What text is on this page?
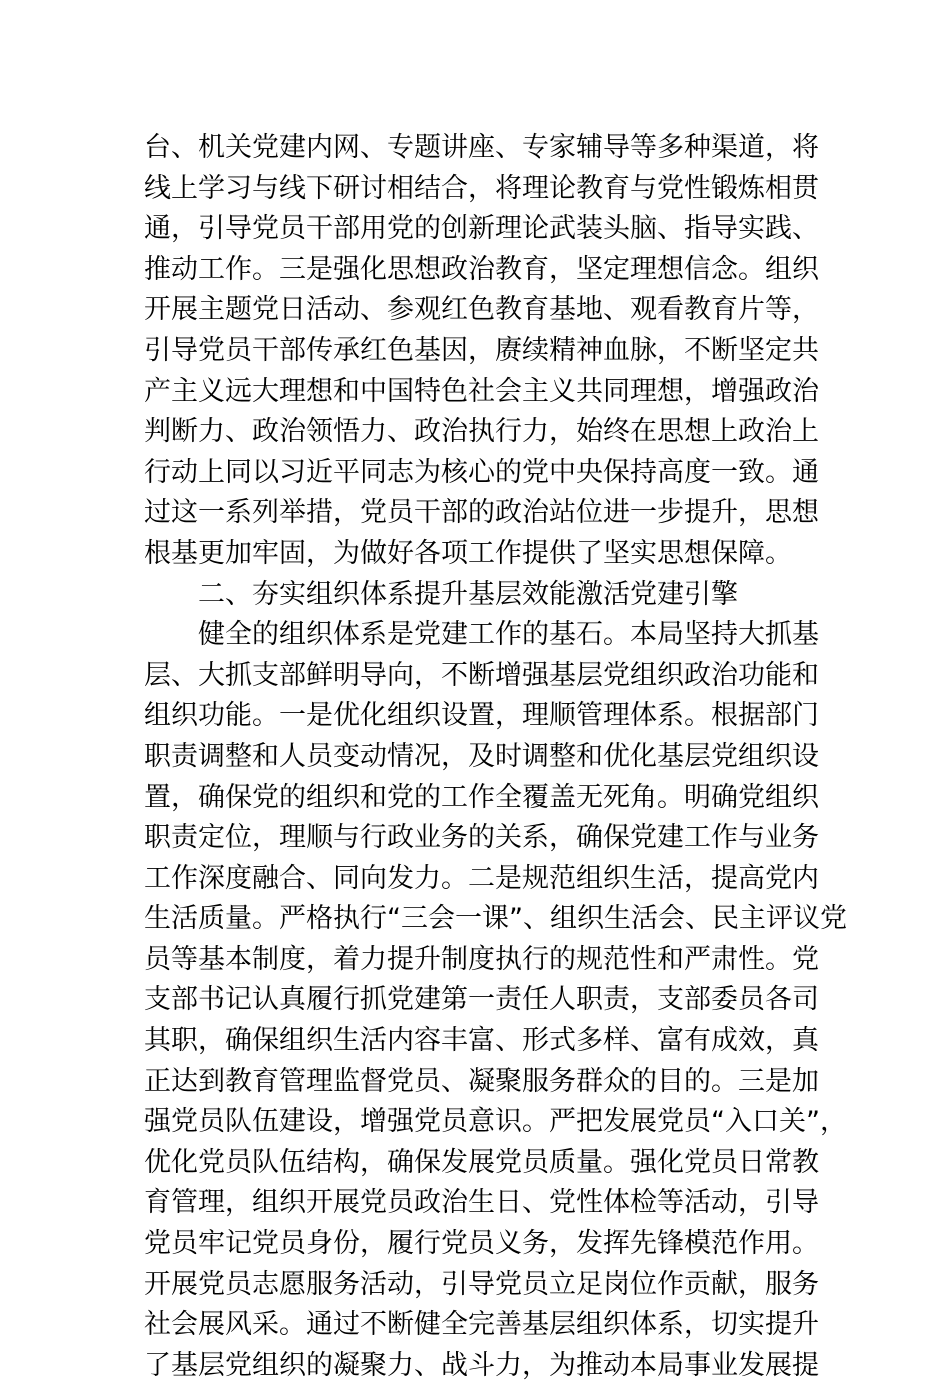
台、机关党建内网、专题讲座、专家辅导等多种渠道，将
线上学习与线下研讨相结合，将理论教育与党性锻炼相贯
通，引导党员干部用党的创新理论武装头脑、指导实践、
推动工作。三是强化思想政治教育，坚定理想信念。组织
开展主题党日活动、参观红色教育基地、观看教育片等，
引导党员干部传承红色基因，赓续精神血脉，不断坚定共
产主义远大理想和中国特色社会主义共同理想，增强政治
判断力、政治领悟力、政治执行力，始终在思想上政治上
行动上同以习近平同志为核心的党中央保持高度一致。通
过这一系列举措，党员干部的政治站位进一步提升，思想
根基更加牢固，为做好各项工作提供了坚实思想保障。
二、夯实组织体系提升基层效能激活党建引擎
健全的组织体系是党建工作的基石。本局坚持大抓基
层、大抓支部鲜明导向，不断增强基层党组织政治功能和
组织功能。一是优化组织设置，理顺管理体系。根据部门
职责调整和人员变动情况，及时调整和优化基层党组织设
置，确保党的组织和党的工作全覆盖无死角。明确党组织
职责定位，理顺与行政业务的关系，确保党建工作与业务
工作深度融合、同向发力。二是规范组织生活，提高党内
生活质量。严格执行“三会一课”、组织生活会、民主评议党
员等基本制度，着力提升制度执行的规范性和严肃性。党
支部书记认真履行抓党建第一责任人职责，支部委员各司
其职，确保组织生活内容丰富、形式多样、富有成效，真
正达到教育管理监督党员、凝聚服务群众的目的。三是加
强党员队伍建设，增强党员意识。严把发展党员“入口关”，
优化党员队伍结构，确保发展党员质量。强化党员日常教
育管理，组织开展党员政治生日、党性体检等活动，引导
党员牢记党员身份，履行党员义务，发挥先锋模范作用。
开展党员志愿服务活动，引导党员立足岗位作贡献，服务
社会展风采。通过不断健全完善基层组织体系，切实提升
了基层党组织的凝聚力、战斗力，为推动本局事业发展提
